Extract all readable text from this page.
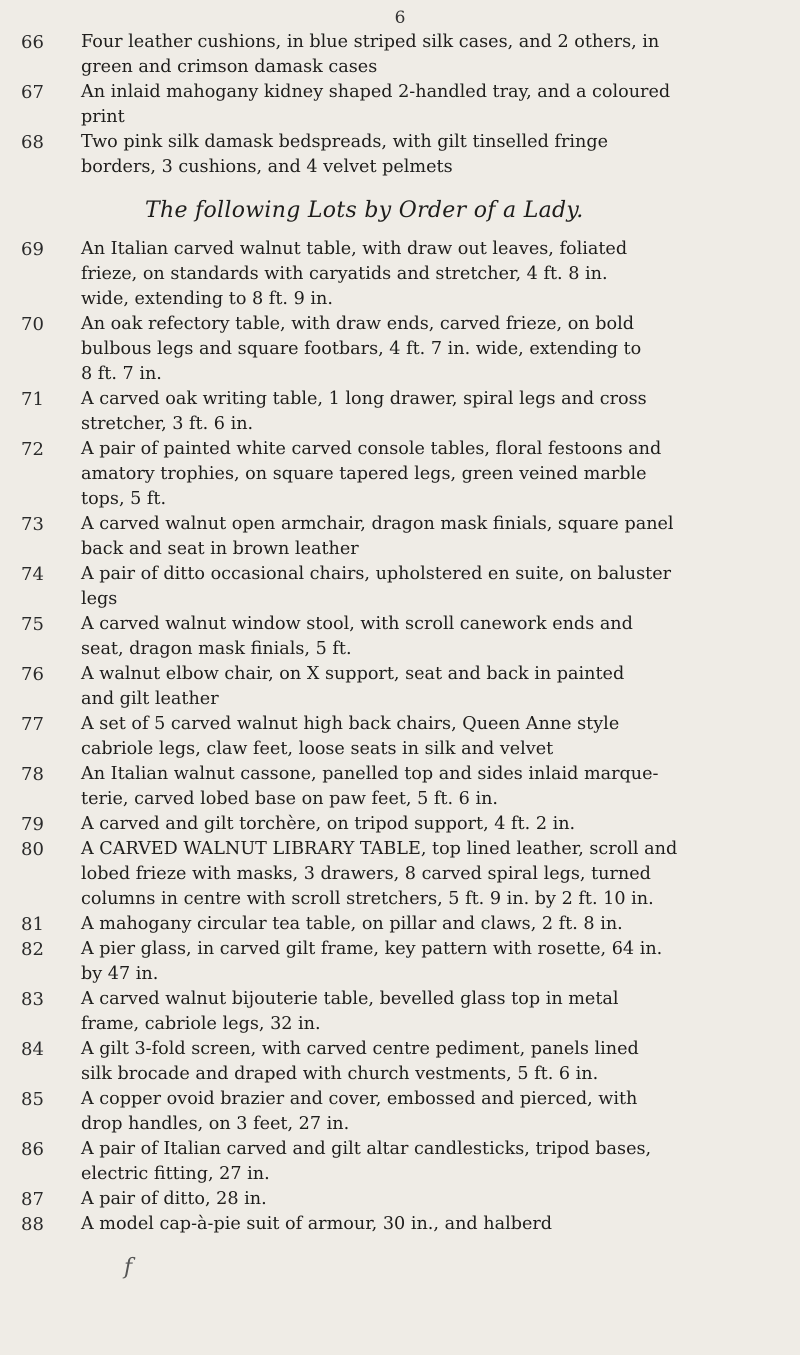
6
66	Four leather cushions, in blue striped silk cases, and 2 others, in
green and crimson damask cases
67	An inlaid mahogany kidney shaped 2-handled tray, and a coloured
print
68	Two pink silk damask bedspreads, with gilt tinselled fringe
borders, 3 cushions, and 4 velvet pelmets
The following Lots by Order of a Lady.
69	An Italian carved walnut table, with draw out leaves, foliated
frieze, on standards with caryatids and stretcher, 4 ft. 8 in.
wide, extending to 8 ft. 9 in.
70	An oak refectory table, with draw ends, carved frieze, on bold
bulbous legs and square footbars, 4 ft. 7 in. wide, extending to
8 ft. 7 in.
71	A carved oak writing table, 1 long drawer, spiral legs and cross
stretcher, 3 ft. 6 in.
72	A pair of painted white carved console tables, floral festoons and
amatory trophies, on square tapered legs, green veined marble
tops, 5 ft.
73	A carved walnut open armchair, dragon mask finials, square panel
back and seat in brown leather
74	A pair of ditto occasional chairs, upholstered en suite, on baluster
legs
75	A carved walnut window stool, with scroll canework ends and
seat, dragon mask finials, 5 ft.
76	A walnut elbow chair, on X support, seat and back in painted
and gilt leather
77	A set of 5 carved walnut high back chairs, Queen Anne style
cabriole legs, claw feet, loose seats in silk and velvet
78	An Italian walnut cassone, panelled top and sides inlaid marque-
terie, carved lobed base on paw feet, 5 ft. 6 in.
79	A carved and gilt torchère, on tripod support, 4 ft. 2 in.
80	A CARVED WALNUT LIBRARY TABLE, top lined leather, scroll and
lobed frieze with masks, 3 drawers, 8 carved spiral legs, turned
columns in centre with scroll stretchers, 5 ft. 9 in. by 2 ft. 10 in.
81	A mahogany circular tea table, on pillar and claws, 2 ft. 8 in.
82	A pier glass, in carved gilt frame, key pattern with rosette, 64 in.
by 47 in.
83	A carved walnut bijouterie table, bevelled glass top in metal
frame, cabriole legs, 32 in.
84	A gilt 3-fold screen, with carved centre pediment, panels lined
silk brocade and draped with church vestments, 5 ft. 6 in.
85	A copper ovoid brazier and cover, embossed and pierced, with
drop handles, on 3 feet, 27 in.
86	A pair of Italian carved and gilt altar candlesticks, tripod bases,
electric fitting, 27 in.
87	A pair of ditto, 28 in.
88	A model cap-à-pie suit of armour, 30 in., and halberd
f
